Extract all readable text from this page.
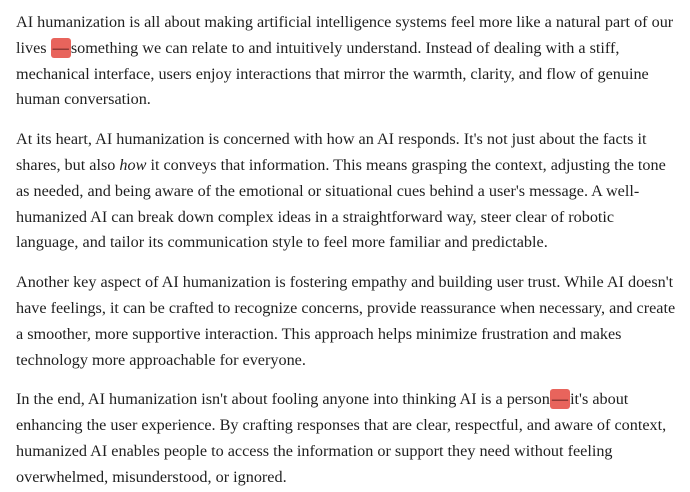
AI humanization is all about making artificial intelligence systems feel more like a natural part of our lives — something we can relate to and intuitively understand. Instead of dealing with a stiff, mechanical interface, users enjoy interactions that mirror the warmth, clarity, and flow of genuine human conversation.

At its heart, AI humanization is concerned with how an AI responds. It's not just about the facts it shares, but also how it conveys that information. This means grasping the context, adjusting the tone as needed, and being aware of the emotional or situational cues behind a user's message. A well-humanized AI can break down complex ideas in a straightforward way, steer clear of robotic language, and tailor its communication style to feel more familiar and predictable.

Another key aspect of AI humanization is fostering empathy and building user trust. While AI doesn't have feelings, it can be crafted to recognize concerns, provide reassurance when necessary, and create a smoother, more supportive interaction. This approach helps minimize frustration and makes technology more approachable for everyone.

In the end, AI humanization isn't about fooling anyone into thinking AI is a person — it's about enhancing the user experience. By crafting responses that are clear, respectful, and aware of context, humanized AI enables people to access the information or support they need without feeling overwhelmed, misunderstood, or ignored.
